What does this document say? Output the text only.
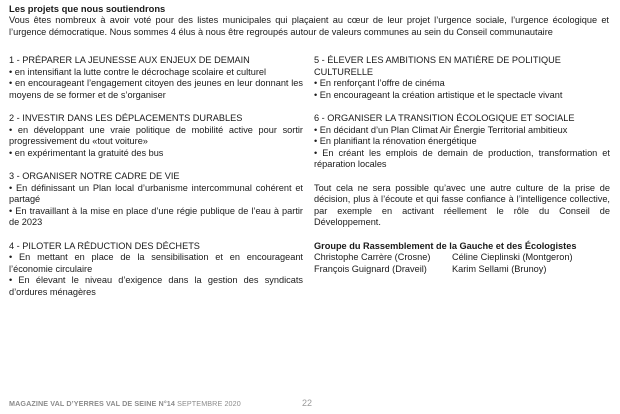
Les projets que nous soutiendrons

Vous êtes nombreux à avoir voté pour des listes municipales qui plaçaient au cœur de leur projet l’urgence sociale, l’urgence écologique et l’urgence démocratique. Nous sommes 4 élus à nous être regroupés autour de valeurs communes au sein du Conseil communautaire

1 - PRÉPARER LA JEUNESSE AUX ENJEUX DE DEMAIN

• en intensifiant la lutte contre le décrochage scolaire et culturel

• en encourageant l’engagement citoyen des jeunes en leur donnant les moyens de se former et de s’organiser

2 - INVESTIR DANS LES DÉPLACEMENTS DURABLES

• en développant une vraie politique de mobilité active pour sortir progressivement du «tout voiture»

• en expérimentant la gratuité des bus

3 - ORGANISER NOTRE CADRE DE VIE

• En définissant un Plan local d’urbanisme intercommunal cohérent et partagé

• En travaillant à la mise en place d’une régie publique de l’eau à partir de 2023

4 - PILOTER LA RÉDUCTION DES DÉCHETS

• En mettant en place de la sensibilisation et en encourageant l’économie circulaire

• En élevant le niveau d’exigence dans la gestion des syndicats d’ordures ménagères

5 - ÉLEVER LES AMBITIONS EN MATIÈRE DE POLITIQUE CULTURELLE

• En renforçant l’offre de cinéma

• En encourageant la création artistique et le spectacle vivant

6 - ORGANISER LA TRANSITION ÉCOLOGIQUE ET SOCIALE

• En décidant d’un Plan Climat Air Énergie Territorial ambitieux

• En planifiant la rénovation énergétique

• En créant les emplois de demain de production, transformation et réparation locales

Tout cela ne sera possible qu’avec une autre culture de la prise de décision, plus à l’écoute et qui fasse confiance à l’intelligence collective, par exemple en activant réellement le rôle du Conseil de Développement.

Groupe du Rassemblement de la Gauche et des Écologistes

Christophe Carrère (Crosne)	Céline Cieplinski (Montgeron)

François Guignard (Draveil)	Karim Sellami (Brunoy)

MAGAZINE VAL D’YERRES VAL DE SEINE N°14 SEPTEMBRE 2020	22
